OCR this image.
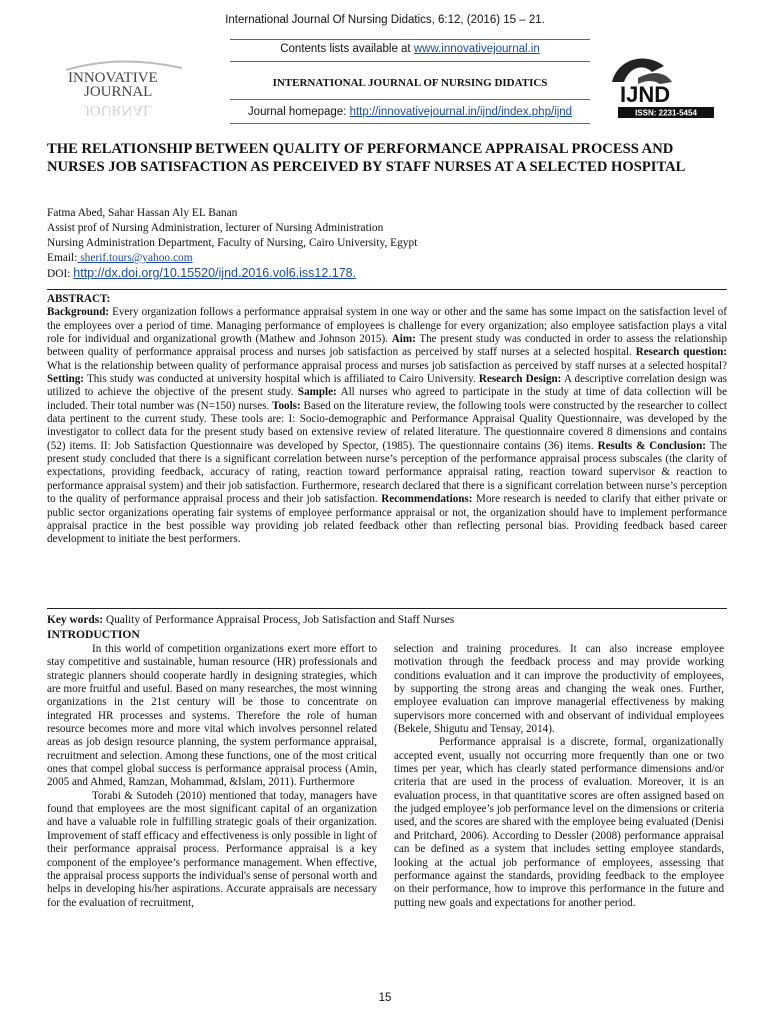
International Journal Of Nursing Didatics, 6:12, (2016) 15 – 21.
Contents lists available at www.innovativejournal.in
INTERNATIONAL JOURNAL OF NURSING DIDATICS
Journal homepage: http://innovativejournal.in/ijnd/index.php/ijnd
INNOVATIVE
JOURNAL
JOURNAL
IJND
ISSN: 2231-5454
THE RELATIONSHIP BETWEEN QUALITY OF PERFORMANCE APPRAISAL PROCESS AND NURSES JOB SATISFACTION AS PERCEIVED BY STAFF NURSES AT A SELECTED HOSPITAL
Fatma Abed, Sahar Hassan Aly EL Banan
Assist prof of Nursing Administration, lecturer of Nursing Administration
Nursing Administration Department, Faculty of Nursing, Cairo University, Egypt
Email: sherif.tours@yahoo.com
DOI: http://dx.doi.org/10.15520/ijnd.2016.vol6.iss12.178.
ABSTRACT:
Background: Every organization follows a performance appraisal system in one way or other and the same has some impact on the satisfaction level of the employees over a period of time. Managing performance of employees is challenge for every organization; also employee satisfaction plays a vital role for individual and organizational growth (Mathew and Johnson 2015). Aim: The present study was conducted in order to assess the relationship between quality of performance appraisal process and nurses job satisfaction as perceived by staff nurses at a selected hospital. Research question: What is the relationship between quality of performance appraisal process and nurses job satisfaction as perceived by staff nurses at a selected hospital? Setting: This study was conducted at university hospital which is affiliated to Cairo University. Research Design: A descriptive correlation design was utilized to achieve the objective of the present study. Sample: All nurses who agreed to participate in the study at time of data collection will be included. Their total number was (N=150) nurses. Tools: Based on the literature review, the following tools were constructed by the researcher to collect data pertinent to the current study. These tools are: I: Socio-demographic and Performance Appraisal Quality Questionnaire, was developed by the investigator to collect data for the present study based on extensive review of related literature. The questionnaire covered 8 dimensions and contains (52) items. II: Job Satisfaction Questionnaire was developed by Spector, (1985). The questionnaire contains (36) items. Results & Conclusion: The present study concluded that there is a significant correlation between nurse’s perception of the performance appraisal process subscales (the clarity of expectations, providing feedback, accuracy of rating, reaction toward performance appraisal rating, reaction toward supervisor & reaction to performance appraisal system) and their job satisfaction. Furthermore, research declared that there is a significant correlation between nurse’s perception to the quality of performance appraisal process and their job satisfaction. Recommendations: More research is needed to clarify that either private or public sector organizations operating fair systems of employee performance appraisal or not, the organization should have to implement performance appraisal practice in the best possible way providing job related feedback other than reflecting personal bias. Providing feedback based career development to initiate the best performers.
Key words: Quality of Performance Appraisal Process, Job Satisfaction and Staff Nurses
INTRODUCTION

In this world of competition organizations exert more effort to stay competitive and sustainable, human resource (HR) professionals and strategic planners should cooperate hardly in designing strategies, which are more fruitful and useful. Based on many researches, the most winning organizations in the 21st century will be those to concentrate on integrated HR processes and systems. Therefore the role of human resource becomes more and more vital which involves personnel related areas as job design resource planning, the system performance appraisal, recruitment and selection. Among these functions, one of the most critical ones that compel global success is performance appraisal process (Amin, 2005 and Ahmed, Ramzan, Mohammad, &Islam, 2011). Furthermore

Torabi & Sutodeh (2010) mentioned that today, managers have found that employees are the most significant capital of an organization and have a valuable role in fulfilling strategic goals of their organization. Improvement of staff efficacy and effectiveness is only possible in light of their performance appraisal process. Performance appraisal is a key component of the employee’s performance management. When effective, the appraisal process supports the individual's sense of personal worth and helps in developing his/her aspirations. Accurate appraisals are necessary for the evaluation of recruitment,

selection and training procedures. It can also increase employee motivation through the feedback process and may provide working conditions evaluation and it can improve the productivity of employees, by supporting the strong areas and changing the weak ones. Further, employee evaluation can improve managerial effectiveness by making supervisors more concerned with and observant of individual employees (Bekele, Shigutu and Tensay, 2014).

Performance appraisal is a discrete, formal, organizationally accepted event, usually not occurring more frequently than one or two times per year, which has clearly stated performance dimensions and/or criteria that are used in the process of evaluation. Moreover, it is an evaluation process, in that quantitative scores are often assigned based on the judged employee’s job performance level on the dimensions or criteria used, and the scores are shared with the employee being evaluated (Denisi and Pritchard, 2006). According to Dessler (2008) performance appraisal can be defined as a system that includes setting employee standards, looking at the actual job performance of employees, assessing that performance against the standards, providing feedback to the employee on their performance, how to improve this performance in the future and putting new goals and expectations for another period.

15
